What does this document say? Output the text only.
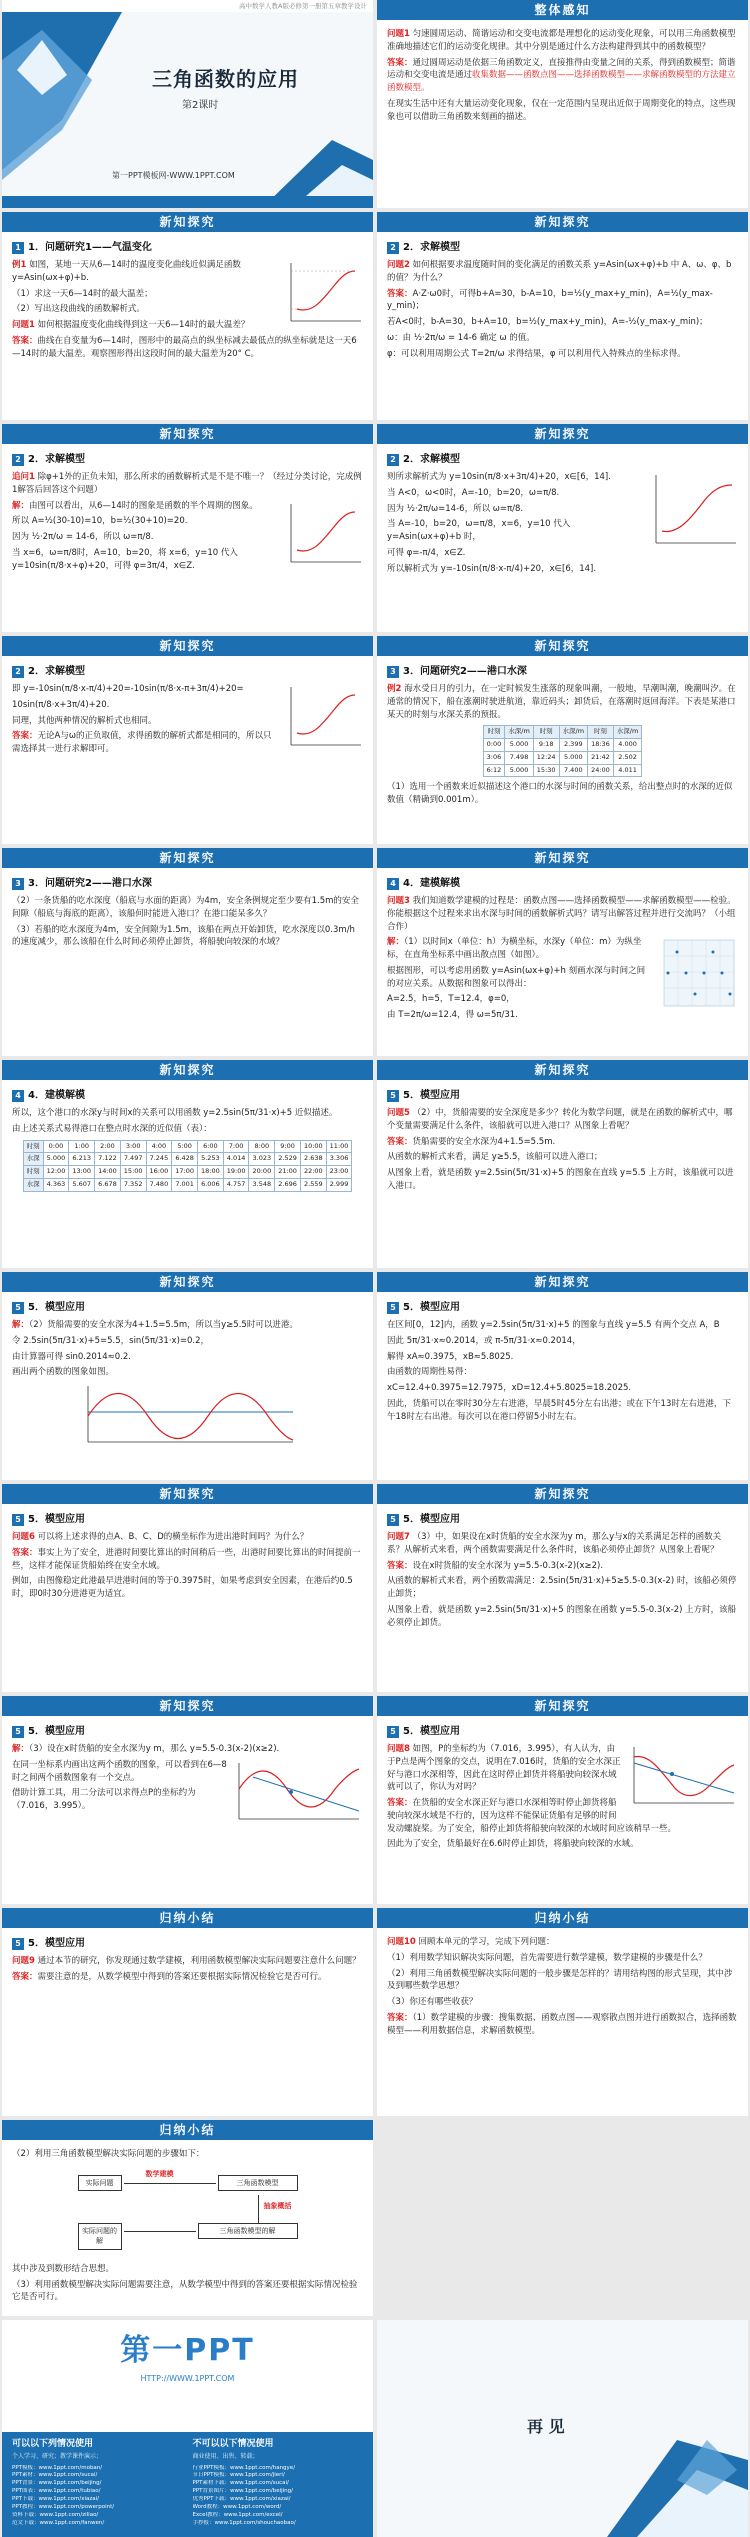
高中数学人教A版必修第一册第五章教学设计
三角函数的应用
第2课时
第一PPT模板网-WWW.1PPT.COM
整体感知
问题1 匀速圆周运动、简谐运动和交变电流都是理想化的运动变化现象，可以用三角函数模型准确地描述它们的运动变化规律。其中分别是通过什么方法构建得到其中的函数模型？
答案：通过圆周运动是依据三角函数定义，直接推得由变量之间的关系，得到函数模型；简谐运动和交变电流是通过收集数据——函数点图——选择函数模型——求解函数模型的方法建立函数模型。
在现实生活中还有大量运动变化现象，仅在一定范围内呈现出近似于周期变化的特点，这些现象也可以借助三角函数来刻画的描述。
新知探究
1 1．问题研究1——气温变化
例1 如图，某地一天从6—14时的温度变化曲线近似满足函数 y=Asin(ωx+φ)+b.
（1）求这一天6—14时的最大温差；
（2）写出这段曲线的函数解析式。
问题1 如何根据温度变化曲线得到这一天6—14时的最大温差？
答案：曲线在自变量为6—14时，图形中的最高点的纵坐标减去最低点的纵坐标就是这一天6—14时的最大温差。观察图形得出这段时间的最大温差为20° C。
新知探究
2 2．求解模型
问题2 如何根据要求温度随时间的变化满足的函数关系 y=Asin(ωx+φ)+b 中 A、ω、φ、b的值？为什么？
答案：A·Z·ω0时，可得b+A=30，b-A=10，b=½(y_max+y_min)，A=½(y_max-y_min)；
若A<0时，b-A=30，b+A=10，b=½(y_max+y_min)，A=-½(y_max-y_min)；
ω：由 ½·2π/ω = 14-6 确定 ω 的值。
φ：可以利用周期公式 T=2π/ω 求得结果，φ 可以利用代入特殊点的坐标求得。
新知探究
2 2．求解模型
追问1 除φ+1外的正负未知，那么所求的函数解析式是不是不唯一？（经过分类讨论，完成例1解答后回答这个问题）
解：由图可以看出，从6—14时的图象是函数的半个周期的图象。
所以 A=½(30-10)=10，b=½(30+10)=20.
因为 ½·2π/ω = 14-6，所以 ω=π/8.
当 x=6，ω=π/8时，A=10，b=20，将 x=6，y=10 代入 y=10sin(π/8·x+φ)+20，可得 φ=3π/4，x∈Z.
新知探究
2 2．求解模型
则所求解析式为 y=10sin(π/8·x+3π/4)+20，x∈[6，14].
当 A<0，ω<0时，A=-10，b=20，ω=π/8.
因为 ½·2π/ω=14-6，所以 ω=π/8.
当 A=-10，b=20，ω=π/8，x=6，y=10 代入 y=Asin(ωx+φ)+b 时，
可得 φ=-π/4，x∈Z.
所以解析式为 y=-10sin(π/8·x-π/4)+20，x∈[6，14].
新知探究
2 2．求解模型
即 y=-10sin(π/8·x-π/4)+20=-10sin(π/8·x-π+3π/4)+20=
10sin(π/8·x+3π/4)+20.
同理，其他两种情况的解析式也相同。
答案：无论A与ω的正负取值，求得函数的解析式都是相同的，所以只需选择其一进行求解即可。
新知探究
3 3．问题研究2——港口水深
例2 海水受日月的引力，在一定时候发生涨落的现象叫潮，一般地，早潮叫潮，晚潮叫汐。在通常的情况下，船在涨潮时驶进航道，靠近码头；卸货后，在落潮时返回海洋。下表是某港口某天的时刻与水深关系的预报。
时刻	水深/m	时刻	水深/m	时刻	水深/m
0:00	5.000	9:18	2.399	18:36	4.000
3:06	7.498	12:24	5.000	21:42	2.502
6:12	5.000	15:30	7.400	24:00	4.011
（1）选用一个函数来近似描述这个港口的水深与时间的函数关系，给出整点时的水深的近似数值（精确到0.001m）。
新知探究
3 3．问题研究2——港口水深
（2）一条货船的吃水深度（船底与水面的距离）为4m，安全条例规定至少要有1.5m的安全间隙（船底与海底的距离），该船何时能进入港口？在港口能呆多久？
（3）若船的吃水深度为4m，安全间隙为1.5m，该船在两点开始卸货，吃水深度以0.3m/h的速度减少，那么该船在什么时间必须停止卸货，将船驶向较深的水域？
新知探究
4 4．建模解模
问题3 我们知道数学建模的过程是：函数点图——选择函数模型——求解函数模型——检验。你能根据这个过程来求出水深与时间的函数解析式吗？请写出解答过程并进行交流吗？（小组合作）
解：（1）以时间x（单位：h）为横坐标，水深y（单位：m）为纵坐标，在直角坐标系中画出散点图（如图）。
根据图形，可以考虑用函数 y=Asin(ωx+φ)+h 刻画水深与时间之间的对应关系。从数据和图象可以得出：
A=2.5，h=5，T=12.4，φ=0，
由 T=2π/ω=12.4，得 ω=5π/31.
新知探究
4 4．建模解模
所以，这个港口的水深y与时间x的关系可以用函数 y=2.5sin(5π/31·x)+5 近似描述。
由上述关系式易得港口在整点时水深的近似值（表）：
时刻	0:00	1:00	2:00	3:00	4:00	5:00	6:00	7:00	8:00	9:00	10:00	11:00
水深	5.000	6.213	7.122	7.497	7.245	6.428	5.253	4.014	3.023	2.529	2.638	3.306
时刻	12:00	13:00	14:00	15:00	16:00	17:00	18:00	19:00	20:00	21:00	22:00	23:00
水深	4.363	5.607	6.678	7.352	7.480	7.001	6.006	4.757	3.548	2.696	2.559	2.999
新知探究
5 5．模型应用
问题5 （2）中，货船需要的安全深度是多少？转化为数学问题，就是在函数的解析式中，哪个变量需要满足什么条件，该船就可以进入港口？从图象上看呢？
答案：货船需要的安全水深为4+1.5=5.5m.
从函数的解析式来看，满足 y≥5.5，该船可以进入港口；
从图象上看，就是函数 y=2.5sin(5π/31·x)+5 的图象在直线 y=5.5 上方时，该船就可以进入港口。
新知探究
5 5．模型应用
解：（2）货船需要的安全水深为4+1.5=5.5m，所以当y≥5.5时可以进港。
令 2.5sin(5π/31·x)+5=5.5，sin(5π/31·x)=0.2，
由计算器可得 sin0.2014≈0.2.
画出两个函数的图象如图。
新知探究
5 5．模型应用
在区间[0，12]内，函数 y=2.5sin(5π/31·x)+5 的图象与直线 y=5.5 有两个交点 A，B
因此 5π/31·x≈0.2014，或 π-5π/31·x≈0.2014，
解得 xA≈0.3975，xB≈5.8025.
由函数的周期性易得：
xC=12.4+0.3975=12.7975，xD=12.4+5.8025=18.2025.
因此，货船可以在零时30分左右进港，早晨5时45分左右出港；或在下午13时左右进港，下午18时左右出港。每次可以在港口停留5小时左右。
新知探究
5 5．模型应用
问题6 可以将上述求得的点A、B、C、D的横坐标作为进出港时间吗？为什么？
答案：事实上为了安全，进港时间要比算出的时间稍后一些，出港时间要比算出的时间提前一些，这样才能保证货船始终在安全水域。
例如，由图像稳定此港最早进港时间的等于0.3975时，如果考虑到安全因素，在港后约0.5时，即0时30分进港更为适宜。
新知探究
5 5．模型应用
问题7 （3）中，如果设在x时货船的安全水深为y m，那么y与x的关系满足怎样的函数关系？从解析式来看，两个函数需要满足什么条件时，该船必须停止卸货？从图象上看呢？
答案：设在x时货船的安全水深为 y=5.5-0.3(x-2)(x≥2).
从函数的解析式来看，两个函数需满足：2.5sin(5π/31·x)+5≥5.5-0.3(x-2) 时，该船必须停止卸货；
从图象上看，就是函数 y=2.5sin(5π/31·x)+5 的图象在函数 y=5.5-0.3(x-2) 上方时，该船必须停止卸货。
新知探究
5 5．模型应用
解：（3）设在x时货船的安全水深为y m，那么 y=5.5-0.3(x-2)(x≥2).
在同一坐标系内画出这两个函数的图象，可以看到在6—8时之间两个函数图象有一个交点。
借助计算工具，用二分法可以求得点P的坐标约为（7.016，3.995）。
新知探究
5 5．模型应用
问题8 如图，P的坐标约为（7.016，3.995），有人认为，由于P点是两个图象的交点，说明在7.016时，货船的安全水深正好与港口水深相等，因此在这时停止卸货并将船驶向较深水域就可以了，你认为对吗？
答案：在货船的安全水深正好与港口水深相等时停止卸货将船驶向较深水域是不行的，因为这样不能保证货船有足够的时间发动螺旋桨。为了安全，船停止卸货将船驶向较深的水域时间应该稍早一些。
因此为了安全，货船最好在6.6时停止卸货，将船驶向较深的水域。
归纳小结
5 5．模型应用
问题9 通过本节的研究，你发现通过数学建模，利用函数模型解决实际问题要注意什么问题？
答案：需要注意的是，从数学模型中得到的答案还要根据实际情况检验它是否可行。
归纳小结
问题10 回顾本单元的学习，完成下列问题：
（1）利用数学知识解决实际问题，首先需要进行数学建模，数学建模的步骤是什么？
（2）利用三角函数模型解决实际问题的一般步骤是怎样的？请用结构图的形式呈现，其中涉及到哪些数学思想？
（3）你还有哪些收获？
答案：（1）数学建模的步骤：搜集数据、函数点图——观察散点图并进行函数拟合，选择函数模型——利用数据信息，求解函数模型。
归纳小结
（2）利用三角函数模型解决实际问题的步骤如下：
实际问题	三角函数模型
实际问题的解
三角函数模型的解
数学建模
抽象概括
其中涉及到数形结合思想。
（3）利用函数模型解决实际问题需要注意，从数学模型中得到的答案还要根据实际情况检验它是否可行。
第一PPT
HTTP://WWW.1PPT.COM
可以以下列情况使用
个人学习、研究；教学课件演示；
PPT模板：www.1ppt.com/moban/
PPT素材：www.1ppt.com/sucai/
PPT背景：www.1ppt.com/beijing/
PPT图表：www.1ppt.com/tubiao/
PPT下载：www.1ppt.com/xiazai/
PPT教程：www.1ppt.com/powerpoint/
资料下载：www.1ppt.com/ziliao/
范文下载：www.1ppt.com/fanwen/
不可以以下情况使用
商业使用、出售、转载；
行业PPT模板：www.1ppt.com/hangye/
节日PPT模板：www.1ppt.com/jieri/
PPT素材下载：www.1ppt.com/sucai/
PPT背景图片：www.1ppt.com/beijing/
优秀PPT下载：www.1ppt.com/xiazai/
Word教程：www.1ppt.com/word/
Excel教程：www.1ppt.com/excel/
手抄报：www.1ppt.com/shouchaobao/
再 见
